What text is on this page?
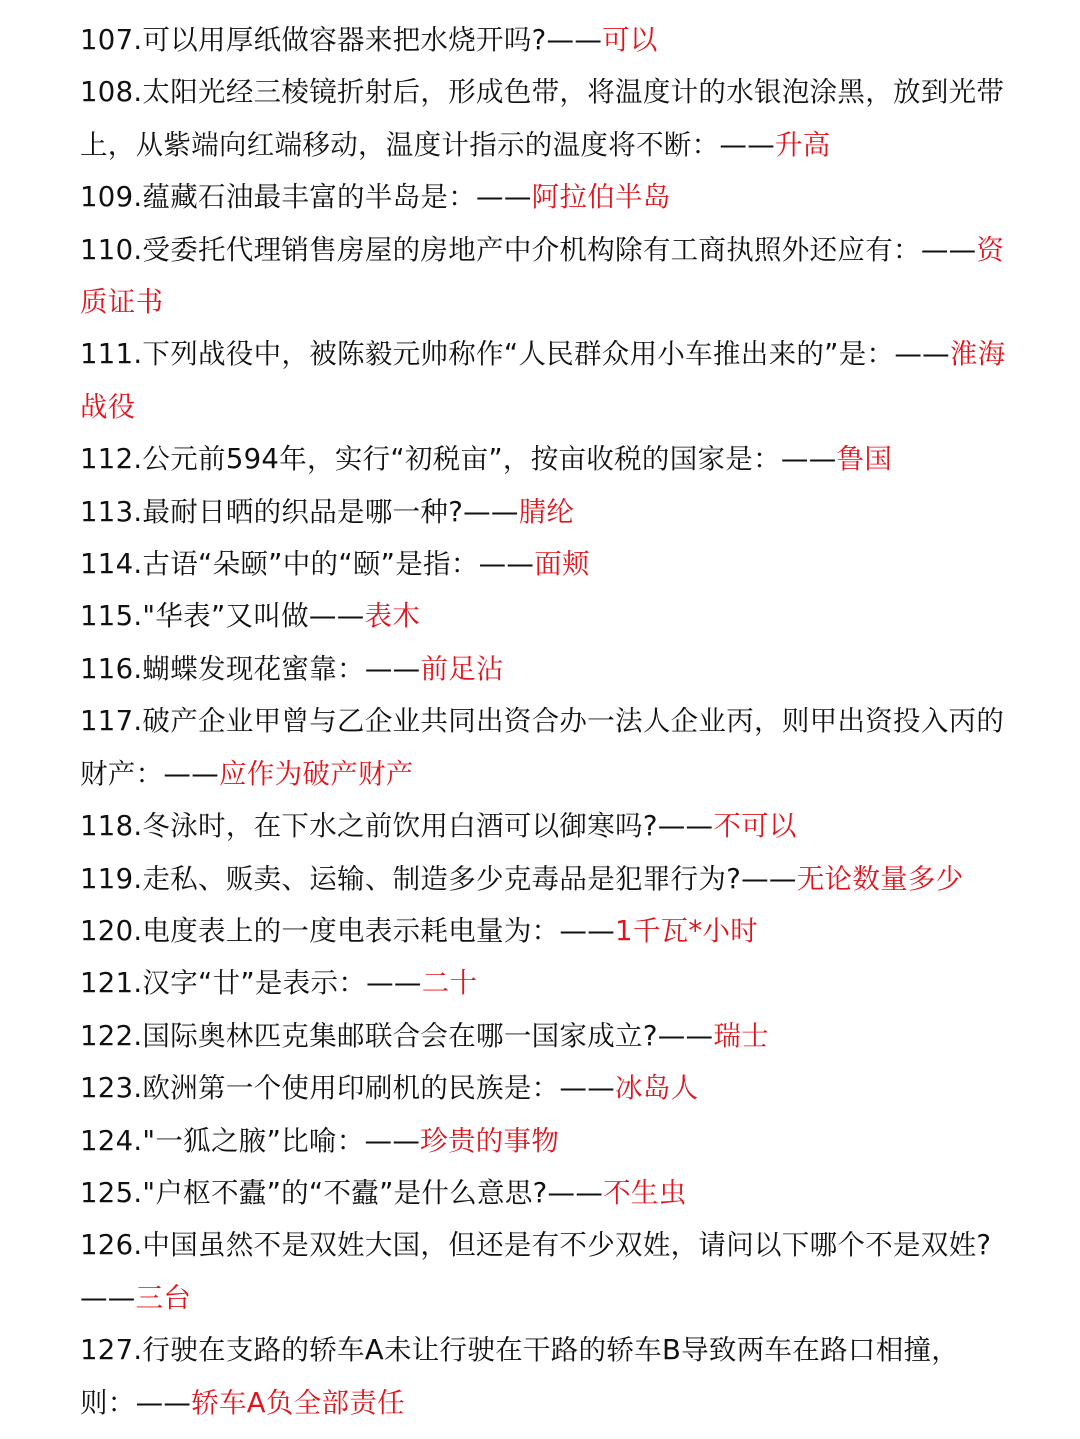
107.可以用厚纸做容器来把水烧开吗?——可以

108.太阳光经三棱镜折射后，形成色带，将温度计的水银泡涂黑，放到光带上，从紫端向红端移动，温度计指示的温度将不断：——升高

109.蕴藏石油最丰富的半岛是：——阿拉伯半岛

110.受委托代理销售房屋的房地产中介机构除有工商执照外还应有：——资质证书

111.下列战役中，被陈毅元帅称作“人民群众用小车推出来的”是：——淮海战役

112.公元前594年，实行“初税亩”，按亩收税的国家是：——鲁国

113.最耐日晒的织品是哪一种?——腈纶

114.古语“朵颐”中的“颐”是指：——面颊

115."华表”又叫做——表木

116.蝴蝶发现花蜜靠：——前足沾

117.破产企业甲曾与乙企业共同出资合办一法人企业丙，则甲出资投入丙的财产：——应作为破产财产

118.冬泳时，在下水之前饮用白酒可以御寒吗?——不可以

119.走私、贩卖、运输、制造多少克毒品是犯罪行为?——无论数量多少

120.电度表上的一度电表示耗电量为：——1千瓦*小时

121.汉字“廿”是表示：——二十

122.国际奥林匹克集邮联合会在哪一国家成立?——瑞士

123.欧洲第一个使用印刷机的民族是：——冰岛人

124."一狐之腋”比喻：——珍贵的事物

125."户枢不蠹”的“不蠹”是什么意思?——不生虫

126.中国虽然不是双姓大国，但还是有不少双姓，请问以下哪个不是双姓?——三台

127.行驶在支路的轿车A未让行驶在干路的轿车B导致两车在路口相撞，则：——轿车A负全部责任
